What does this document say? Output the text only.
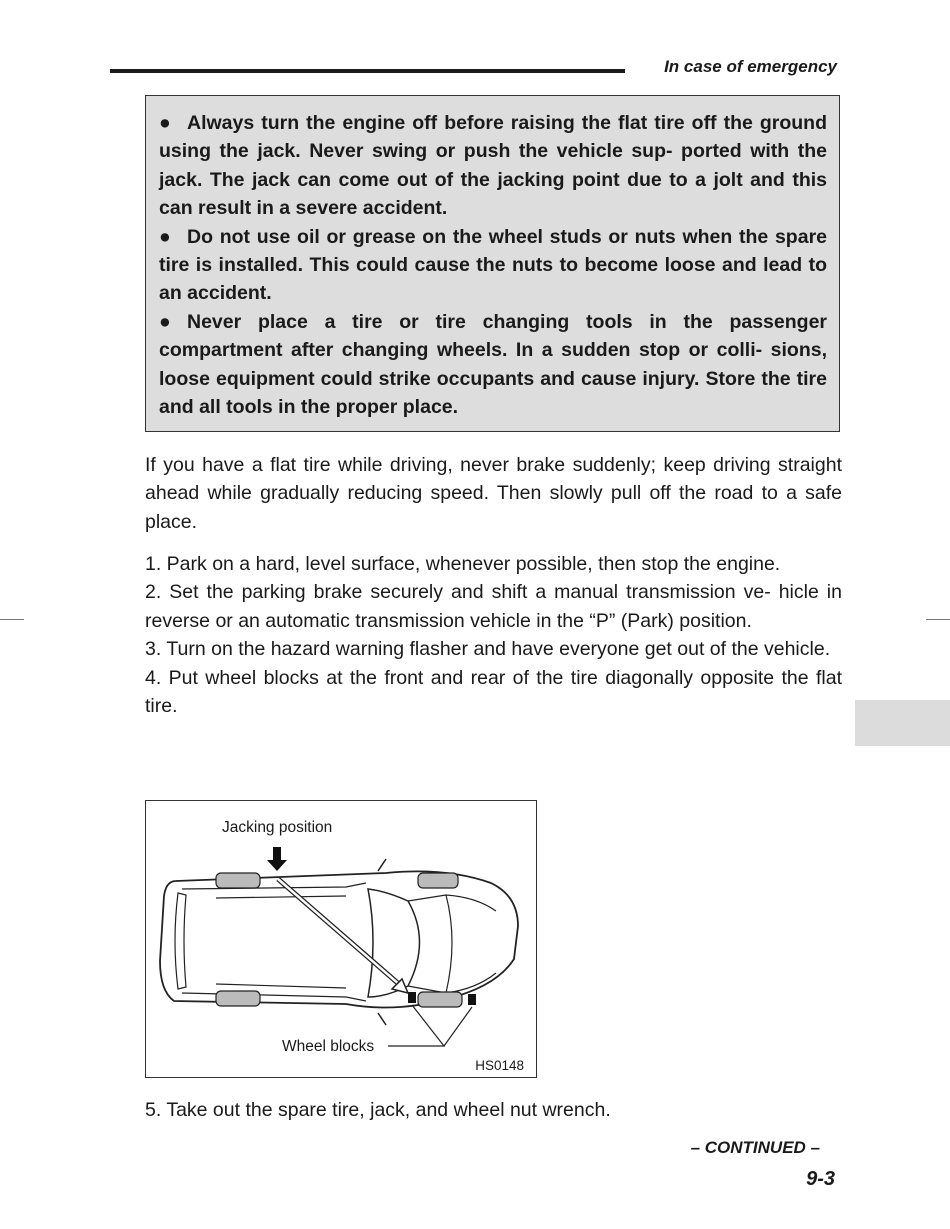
In case of emergency

● Always turn the engine off before raising the flat tire off the ground using the jack. Never swing or push the vehicle sup- ported with the jack. The jack can come out of the jacking point due to a jolt and this can result in a severe accident.

● Do not use oil or grease on the wheel studs or nuts when the spare tire is installed. This could cause the nuts to become loose and lead to an accident.

● Never place a tire or tire changing tools in the passenger compartment after changing wheels. In a sudden stop or colli- sions, loose equipment could strike occupants and cause injury. Store the tire and all tools in the proper place.

If you have a flat tire while driving, never brake suddenly; keep driving straight ahead while gradually reducing speed. Then slowly pull off the road to a safe place.

1. Park on a hard, level surface, whenever possible, then stop the engine.

2. Set the parking brake securely and shift a manual transmission ve- hicle in reverse or an automatic transmission vehicle in the “P” (Park) position.

3. Turn on the hazard warning flasher and have everyone get out of the vehicle.

4. Put wheel blocks at the front and rear of the tire diagonally opposite the flat tire.

Jacking position
Wheel blocks
HS0148

5. Take out the spare tire, jack, and wheel nut wrench.

– CONTINUED –
9-3
